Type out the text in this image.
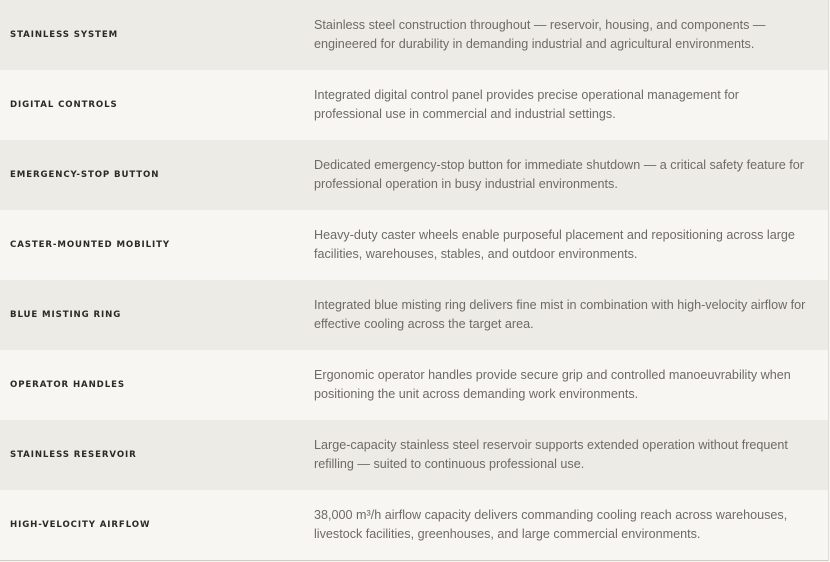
STAINLESS SYSTEM
Stainless steel construction throughout — reservoir, housing, and components — engineered for durability in demanding industrial and agricultural environments.
DIGITAL CONTROLS
Integrated digital control panel provides precise operational management for professional use in commercial and industrial settings.
EMERGENCY-STOP BUTTON
Dedicated emergency-stop button for immediate shutdown — a critical safety feature for professional operation in busy industrial environments.
CASTER-MOUNTED MOBILITY
Heavy-duty caster wheels enable purposeful placement and repositioning across large facilities, warehouses, stables, and outdoor environments.
BLUE MISTING RING
Integrated blue misting ring delivers fine mist in combination with high-velocity airflow for effective cooling across the target area.
OPERATOR HANDLES
Ergonomic operator handles provide secure grip and controlled manoeuvrability when positioning the unit across demanding work environments.
STAINLESS RESERVOIR
Large-capacity stainless steel reservoir supports extended operation without frequent refilling — suited to continuous professional use.
HIGH-VELOCITY AIRFLOW
38,000 m³/h airflow capacity delivers commanding cooling reach across warehouses, livestock facilities, greenhouses, and large commercial environments.
